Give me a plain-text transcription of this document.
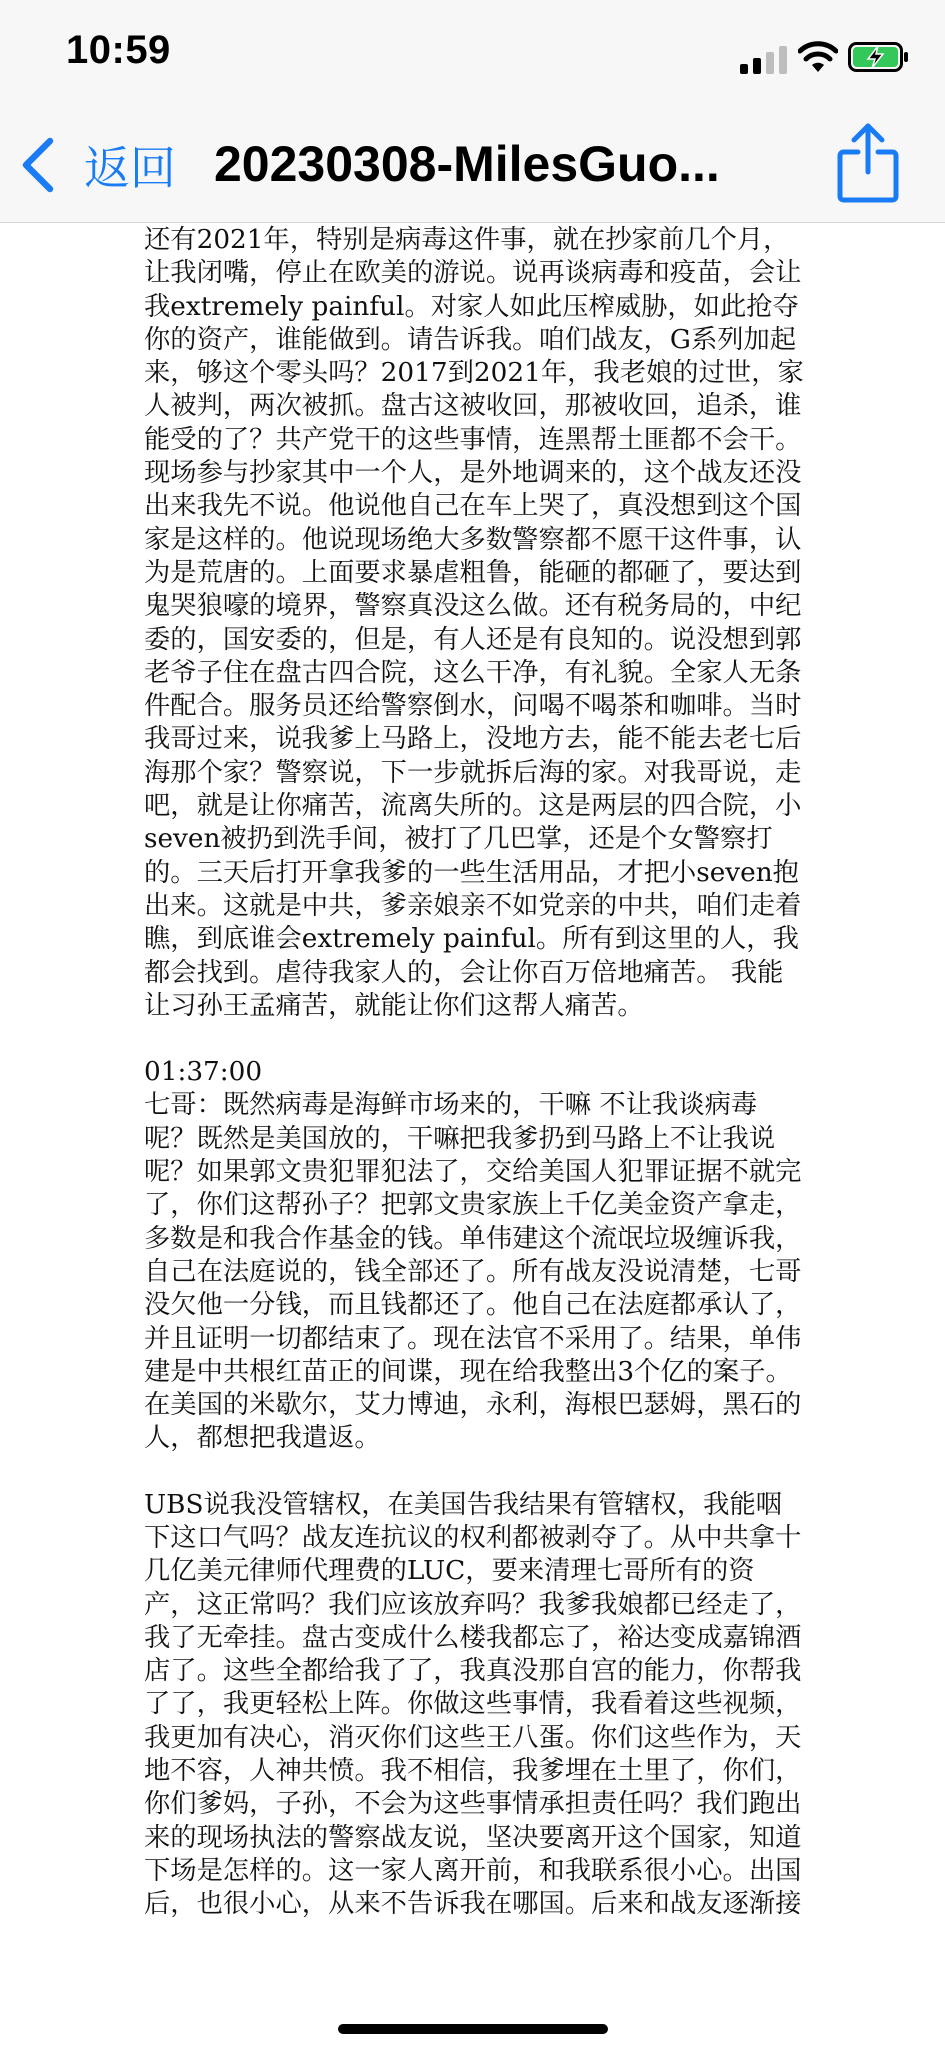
10:59
返回 20230308-MilesGuo...

还有2021年，特别是病毒这件事，就在抄家前几个月，让我闭嘴，停止在欧美的游说。说再谈病毒和疫苗，会让我extremely painful。对家人如此压榨威胁，如此抢夺你的资产，谁能做到。请告诉我。咱们战友，G系列加起来，够这个零头吗？2017到2021年，我老娘的过世，家人被判，两次被抓。盘古这被收回，那被收回，追杀，谁能受的了？共产党干的这些事情，连黑帮土匪都不会干。现场参与抄家其中一个人，是外地调来的，这个战友还没出来我先不说。他说他自己在车上哭了，真没想到这个国家是这样的。他说现场绝大多数警察都不愿干这件事，认为是荒唐的。上面要求暴虐粗鲁，能砸的都砸了，要达到鬼哭狼嚎的境界，警察真没这么做。还有税务局的，中纪委的，国安委的，但是，有人还是有良知的。说没想到郭老爷子住在盘古四合院，这么干净，有礼貌。全家人无条件配合。服务员还给警察倒水，问喝不喝茶和咖啡。当时我哥过来，说我爹上马路上，没地方去，能不能去老七后海那个家？警察说，下一步就拆后海的家。对我哥说，走吧，就是让你痛苦，流离失所的。这是两层的四合院，小seven被扔到洗手间，被打了几巴掌，还是个女警察打的。三天后打开拿我爹的一些生活用品，才把小seven抱出来。这就是中共，爹亲娘亲不如党亲的中共，咱们走着瞧，到底谁会extremely painful。所有到这里的人，我都会找到。虐待我家人的，会让你百万倍地痛苦。 我能让习孙王孟痛苦，就能让你们这帮人痛苦。

01:37:00
七哥：既然病毒是海鲜市场来的，干嘛 不让我谈病毒呢？既然是美国放的，干嘛把我爹扔到马路上不让我说呢？如果郭文贵犯罪犯法了，交给美国人犯罪证据不就完了，你们这帮孙子？把郭文贵家族上千亿美金资产拿走，多数是和我合作基金的钱。单伟建这个流氓垃圾缠诉我，自己在法庭说的，钱全部还了。所有战友没说清楚，七哥没欠他一分钱，而且钱都还了。他自己在法庭都承认了，并且证明一切都结束了。现在法官不采用了。结果，单伟建是中共根红苗正的间谍，现在给我整出3个亿的案子。在美国的米歇尔，艾力博迪，永利，海根巴瑟姆，黑石的人，都想把我遣返。

UBS说我没管辖权，在美国告我结果有管辖权，我能咽下这口气吗？战友连抗议的权利都被剥夺了。从中共拿十几亿美元律师代理费的LUC，要来清理七哥所有的资产，这正常吗？我们应该放弃吗？我爹我娘都已经走了，我了无牵挂。盘古变成什么楼我都忘了，裕达变成嘉锦酒店了。这些全都给我了了，我真没那自宫的能力，你帮我了了，我更轻松上阵。你做这些事情，我看着这些视频，我更加有决心，消灭你们这些王八蛋。你们这些作为，天地不容，人神共愤。我不相信，我爹埋在土里了，你们，你们爹妈，子孙，不会为这些事情承担责任吗？我们跑出来的现场执法的警察战友说，坚决要离开这个国家，知道下场是怎样的。这一家人离开前，和我联系很小心。出国后，也很小心，从来不告诉我在哪国。后来和战友逐渐接
